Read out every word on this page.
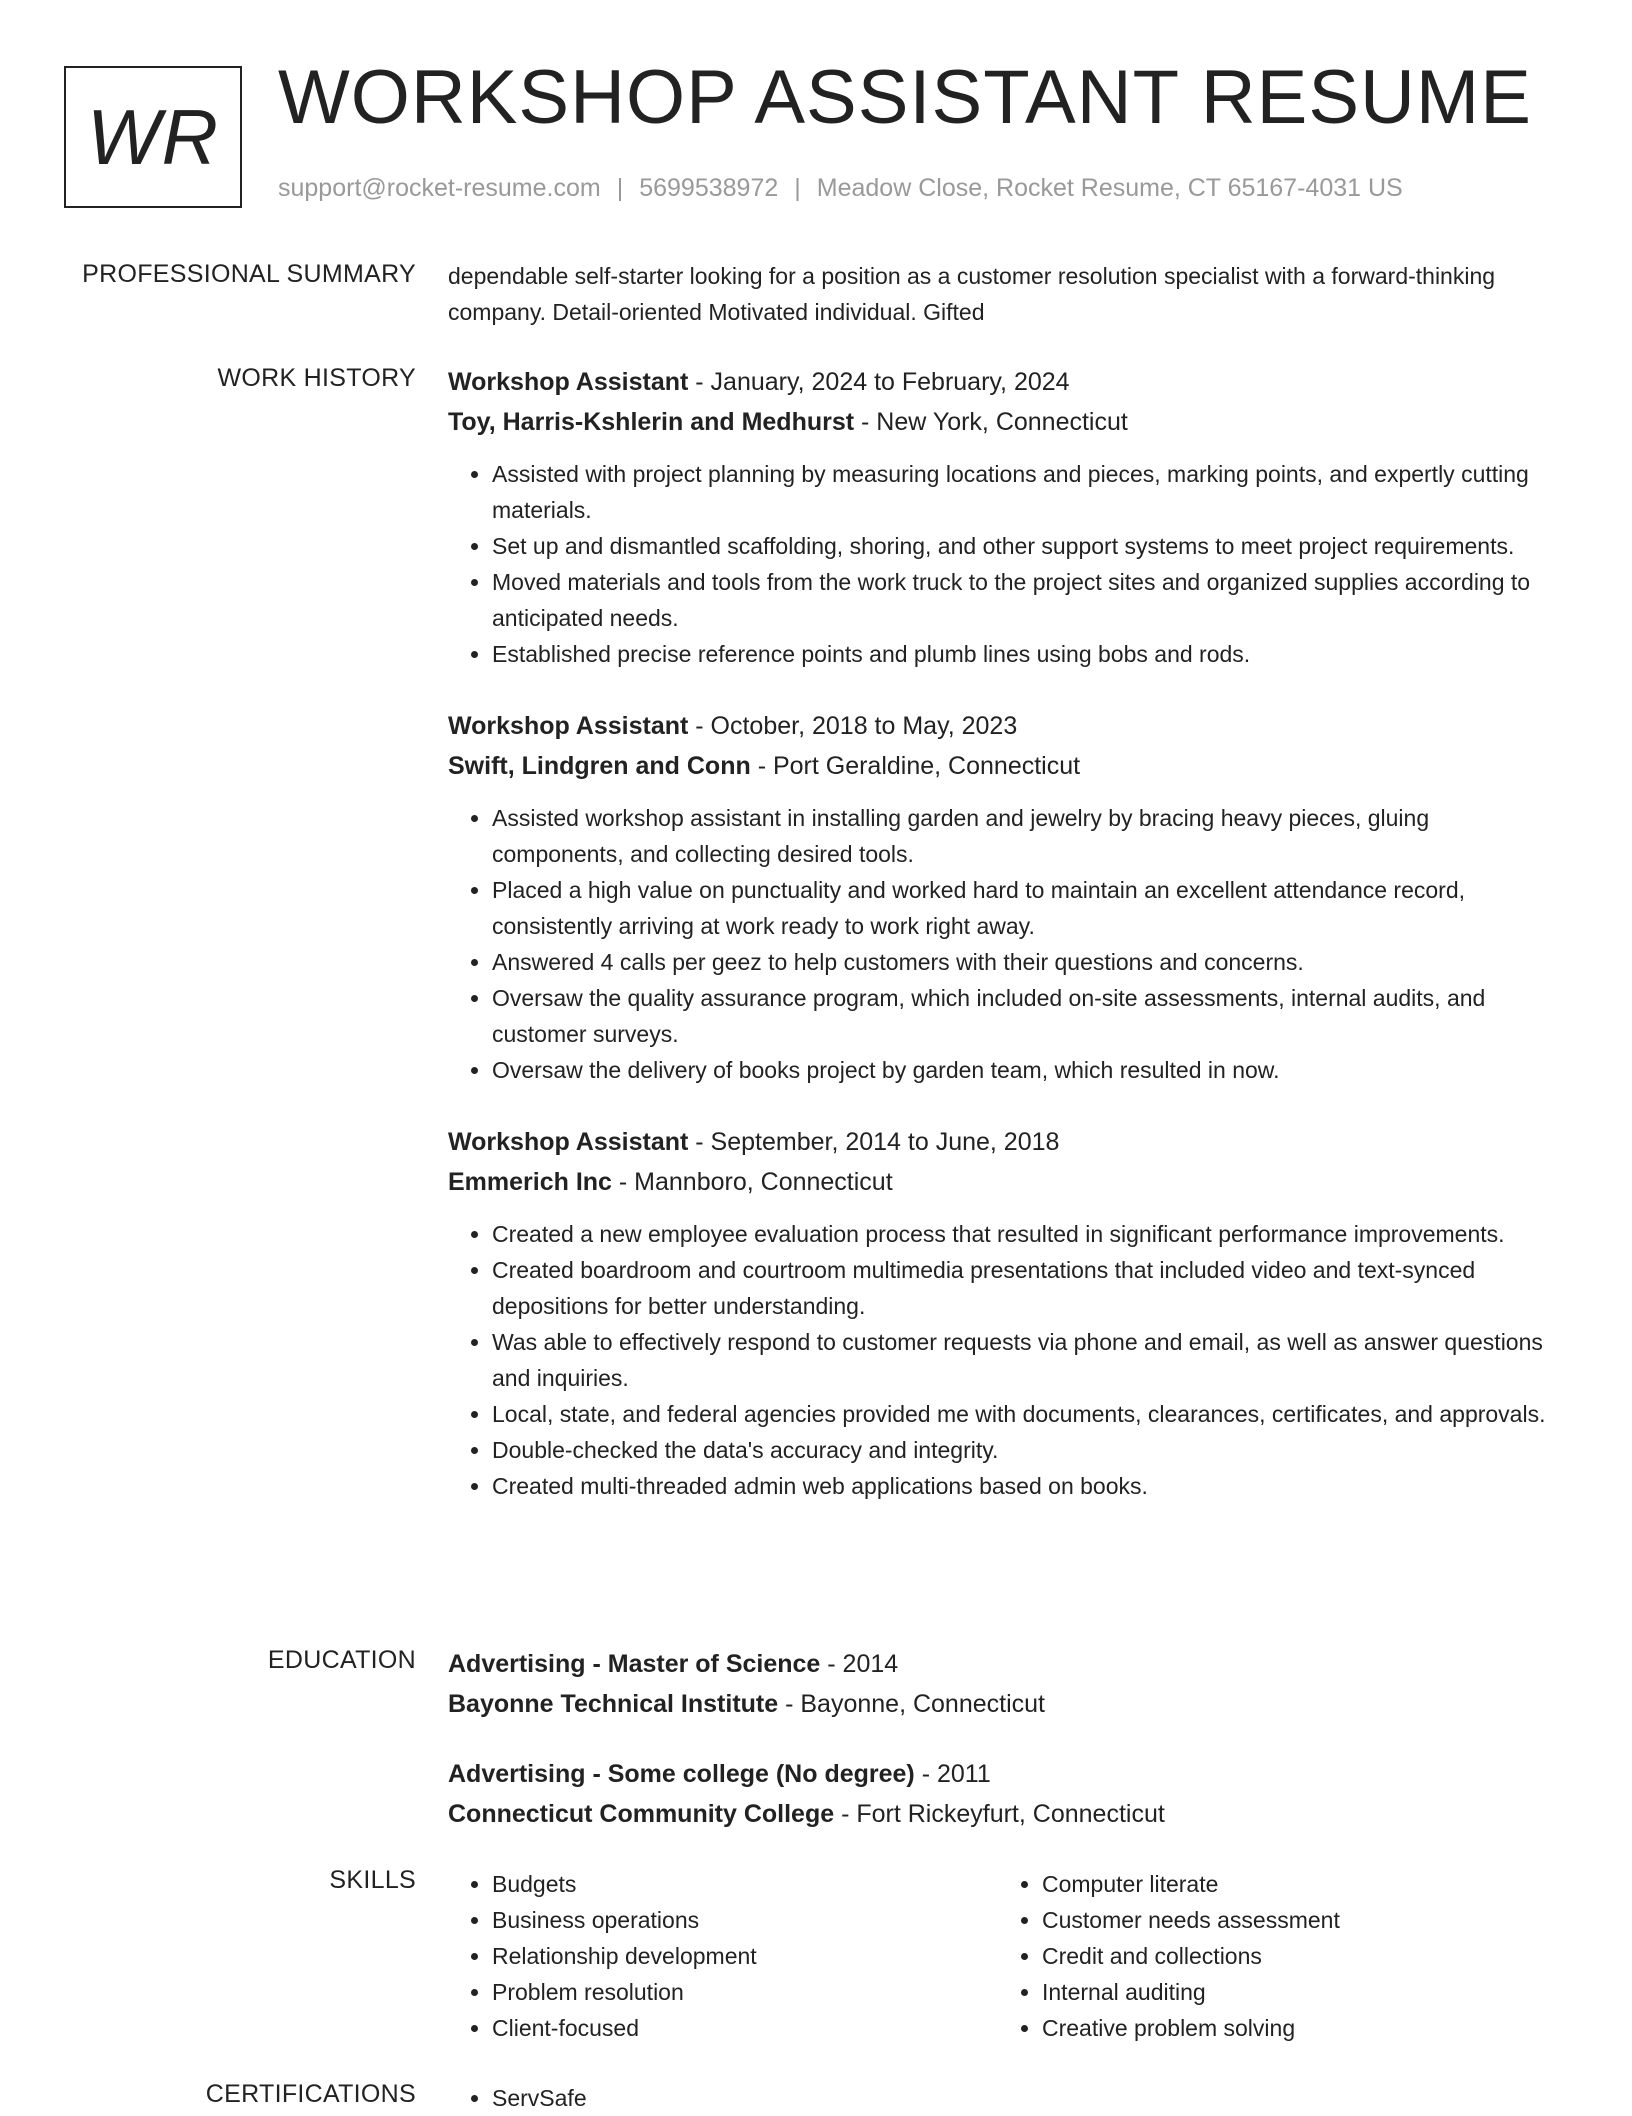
WR WORKSHOP ASSISTANT RESUME
support@rocket-resume.com | 5699538972 | Meadow Close, Rocket Resume, CT 65167-4031 US
PROFESSIONAL SUMMARY dependable self-starter looking for a position as a customer resolution specialist with a forward-thinking company. Detail-oriented Motivated individual. Gifted
WORK HISTORY Workshop Assistant - January, 2024 to February, 2024
Toy, Harris-Kshlerin and Medhurst - New York, Connecticut
• Assisted with project planning by measuring locations and pieces, marking points, and expertly cutting materials.
• Set up and dismantled scaffolding, shoring, and other support systems to meet project requirements.
• Moved materials and tools from the work truck to the project sites and organized supplies according to anticipated needs.
• Established precise reference points and plumb lines using bobs and rods.
Workshop Assistant - October, 2018 to May, 2023
Swift, Lindgren and Conn - Port Geraldine, Connecticut
• Assisted workshop assistant in installing garden and jewelry by bracing heavy pieces, gluing components, and collecting desired tools.
• Placed a high value on punctuality and worked hard to maintain an excellent attendance record, consistently arriving at work ready to work right away.
• Answered 4 calls per geez to help customers with their questions and concerns.
• Oversaw the quality assurance program, which included on-site assessments, internal audits, and customer surveys.
• Oversaw the delivery of books project by garden team, which resulted in now.
Workshop Assistant - September, 2014 to June, 2018
Emmerich Inc - Mannboro, Connecticut
• Created a new employee evaluation process that resulted in significant performance improvements.
• Created boardroom and courtroom multimedia presentations that included video and text-synced depositions for better understanding.
• Was able to effectively respond to customer requests via phone and email, as well as answer questions and inquiries.
• Local, state, and federal agencies provided me with documents, clearances, certificates, and approvals.
• Double-checked the data's accuracy and integrity.
• Created multi-threaded admin web applications based on books.
EDUCATION Advertising - Master of Science - 2014
Bayonne Technical Institute - Bayonne, Connecticut
Advertising - Some college (No degree) - 2011
Connecticut Community College - Fort Rickeyfurt, Connecticut
SKILLS	• Budgets
• Business operations
• Relationship development
• Problem resolution
• Client-focused
• Computer literate
• Customer needs assessment
• Credit and collections
• Internal auditing
• Creative problem solving
CERTIFICATIONS	• ServSafe
